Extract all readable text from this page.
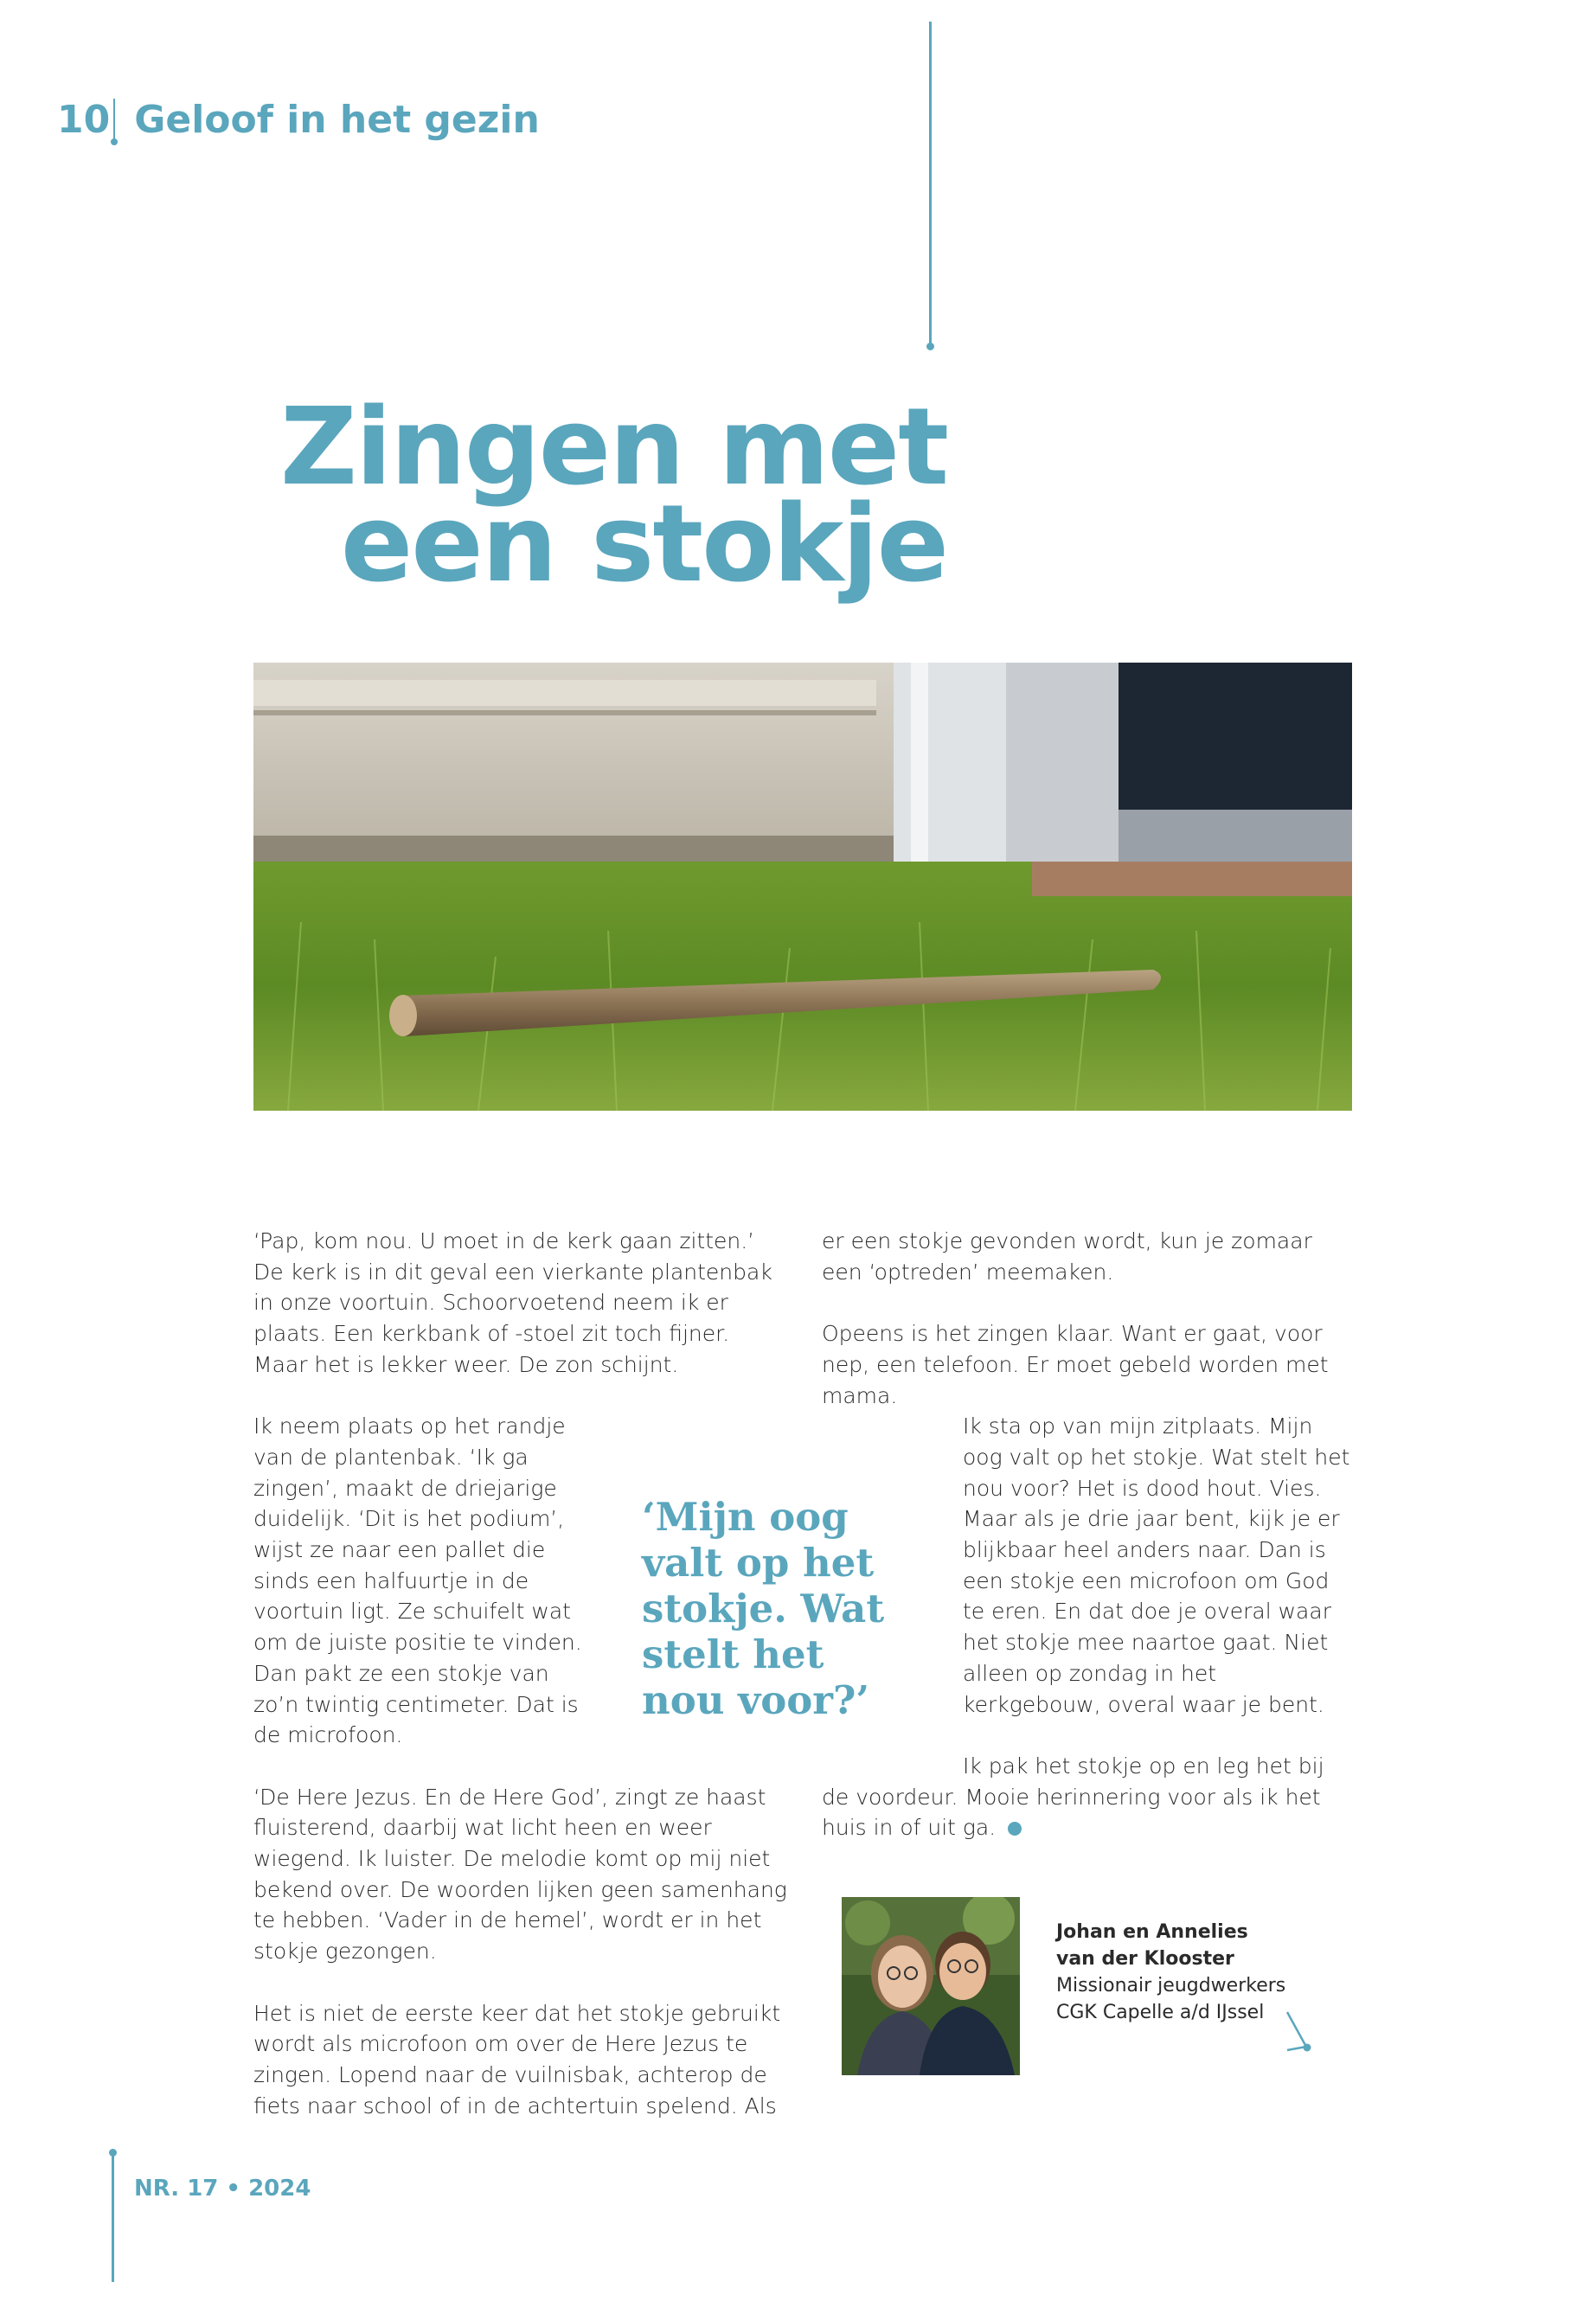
10 Geloof in het gezin
Zingen met
een stokje

‘Pap, kom nou. U moet in de kerk gaan zitten.’ De kerk is in dit geval een vierkante plantenbak in onze voortuin. Schoorvoetend neem ik er plaats. Een kerkbank of -stoel zit toch fijner. Maar het is lekker weer. De zon schijnt.

Ik neem plaats op het randje van de plantenbak. ‘Ik ga zingen’, maakt de driejarige duidelijk. ‘Dit is het podium’, wijst ze naar een pallet die sinds een halfuurtje in de voortuin ligt. Ze schuifelt wat om de juiste positie te vinden. Dan pakt ze een stokje van zo’n twintig centimeter. Dat is de microfoon.

‘De Here Jezus. En de Here God’, zingt ze haast fluisterend, daarbij wat licht heen en weer wiegend. Ik luister. De melodie komt op mij niet bekend over. De woorden lijken geen samenhang te hebben. ‘Vader in de hemel’, wordt er in het stokje gezongen.

Het is niet de eerste keer dat het stokje gebruikt wordt als microfoon om over de Here Jezus te zingen. Lopend naar de vuilnisbak, achterop de fiets naar school of in de achtertuin spelend. Als

‘Mijn oog valt op het stokje. Wat stelt het nou voor?’

er een stokje gevonden wordt, kun je zomaar een ‘optreden’ meemaken.

Opeens is het zingen klaar. Want er gaat, voor nep, een telefoon. Er moet gebeld worden met mama.

Ik sta op van mijn zitplaats. Mijn oog valt op het stokje. Wat stelt het nou voor? Het is dood hout. Vies. Maar als je drie jaar bent, kijk je er blijkbaar heel anders naar. Dan is een stokje een microfoon om God te eren. En dat doe je overal waar het stokje mee naartoe gaat. Niet alleen op zondag in het kerkgebouw, overal waar je bent.

Ik pak het stokje op en leg het bij de voordeur. Mooie herinnering voor als ik het huis in of uit ga.

Johan en Annelies
van der Klooster
Missionair jeugdwerkers
CGK Capelle a/d IJssel
NR. 17 • 2024
